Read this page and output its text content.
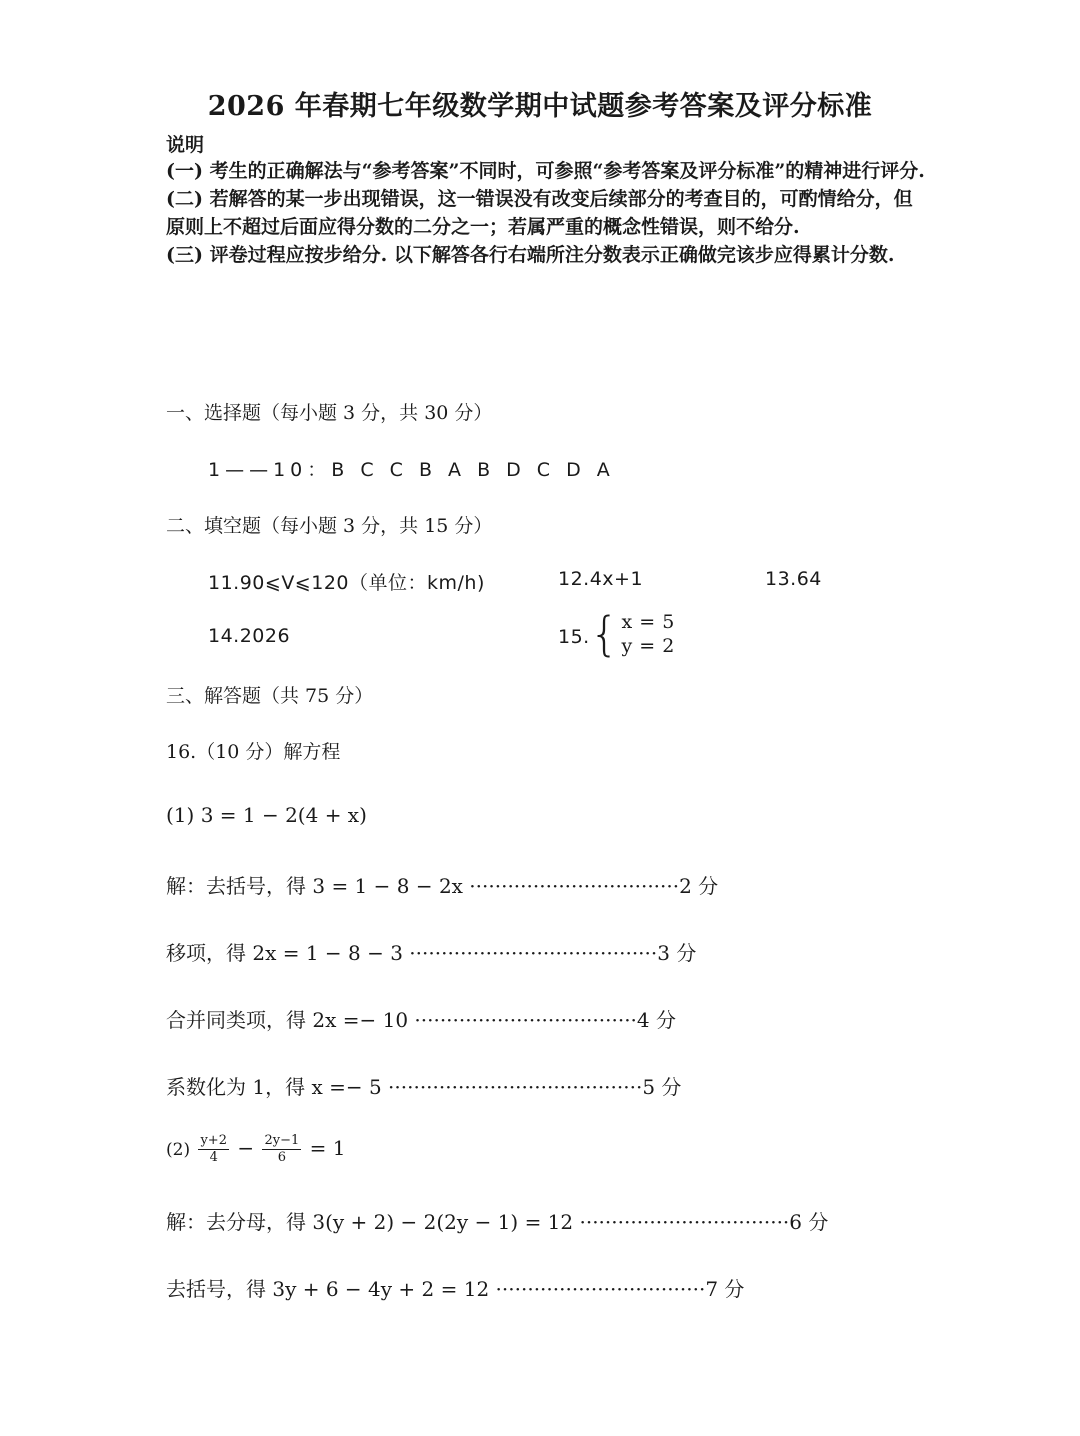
2026 年春期七年级数学期中试题参考答案及评分标准
说明

(一) 考生的正确解法与“参考答案”不同时，可参照“参考答案及评分标准”的精神进行评分.

(二) 若解答的某一步出现错误，这一错误没有改变后续部分的考查目的，可酌情给分，但原则上不超过后面应得分数的二分之一；若属严重的概念性错误，则不给分.

(三) 评卷过程应按步给分. 以下解答各行右端所注分数表示正确做完该步应得累计分数.

一、选择题（每小题 3 分，共 30 分）
1——10：B C C B A B D C D A
二、填空题（每小题 3 分，共 15 分）
11.90⩽V⩽120（单位：km/h)	12.4x+1	13.64
14.2026	15. { x = 5
y = 2
三、解答题（共 75 分）
16.（10 分）解方程
(1) 3 = 1 − 2(4 + x)
解：去括号，得 3 = 1 − 8 − 2x ·································2 分
移项，得 2x = 1 − 8 − 3 ·······································3 分
合并同类项，得 2x =− 10 ···································4 分
系数化为 1，得 x =− 5 ········································5 分
$(2) \frac{y+2}{4} - \frac{2y-1}{6} = 1$
解：去分母，得 3(y + 2) − 2(2y − 1) = 12 ·································6 分
去括号，得 3y + 6 − 4y + 2 = 12 ·································7 分
